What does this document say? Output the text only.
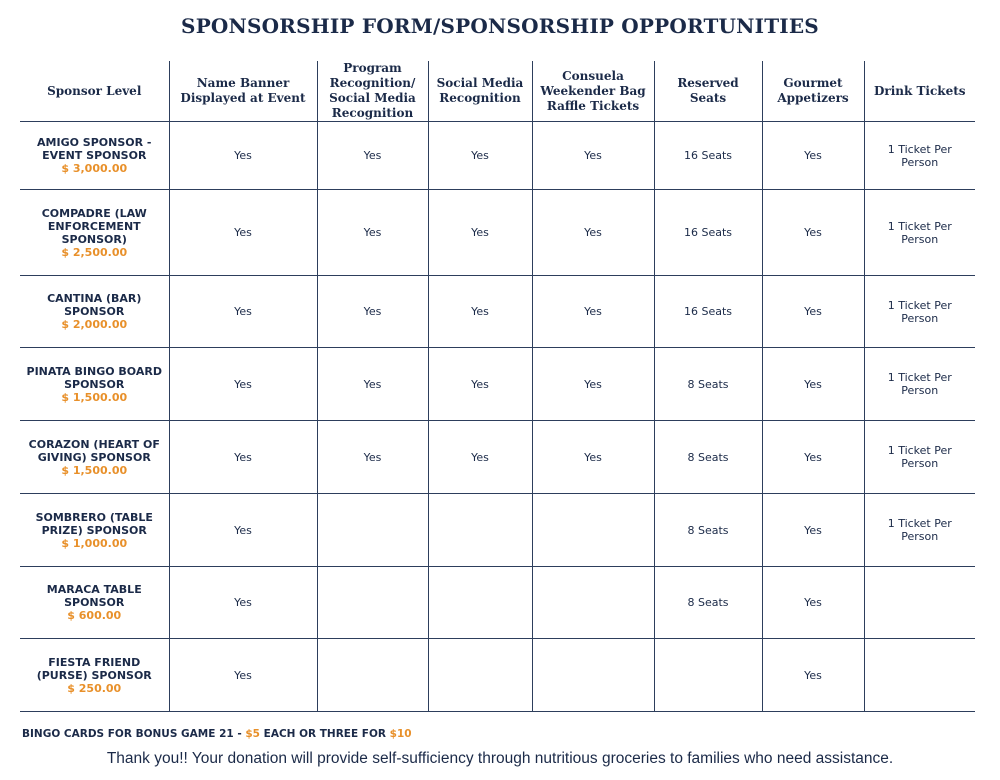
SPONSORSHIP FORM/SPONSORSHIP OPPORTUNITIES
Sponsor Level	Name Banner Displayed at Event	Program Recognition/ Social Media Recognition	Social Media Recognition	Consuela Weekender Bag Raffle Tickets	Reserved Seats	Gourmet Appetizers	Drink Tickets

AMIGO SPONSOR - EVENT SPONSOR
$ 3,000.00	Yes	Yes	Yes	Yes	16 Seats	Yes	1 Ticket Per Person

COMPADRE (LAW ENFORCEMENT SPONSOR)
$ 2,500.00	Yes	Yes	Yes	Yes	16 Seats	Yes	1 Ticket Per Person

CANTINA (BAR) SPONSOR
$ 2,000.00	Yes	Yes	Yes	Yes	16 Seats	Yes	1 Ticket Per Person

PINATA BINGO BOARD SPONSOR
$ 1,500.00	Yes	Yes	Yes	Yes	8 Seats	Yes	1 Ticket Per Person

CORAZON (HEART OF GIVING) SPONSOR
$ 1,500.00	Yes	Yes	Yes	Yes	8 Seats	Yes	1 Ticket Per Person

SOMBRERO (TABLE PRIZE) SPONSOR
$ 1,000.00	Yes				8 Seats	Yes	1 Ticket Per Person

MARACA TABLE SPONSOR
$ 600.00	Yes				8 Seats	Yes	

FIESTA FRIEND (PURSE) SPONSOR
$ 250.00	Yes					Yes	
BINGO CARDS FOR BONUS GAME 21 - $5 EACH OR THREE FOR $10
Thank you!! Your donation will provide self-sufficiency through nutritious groceries to families who need assistance.
